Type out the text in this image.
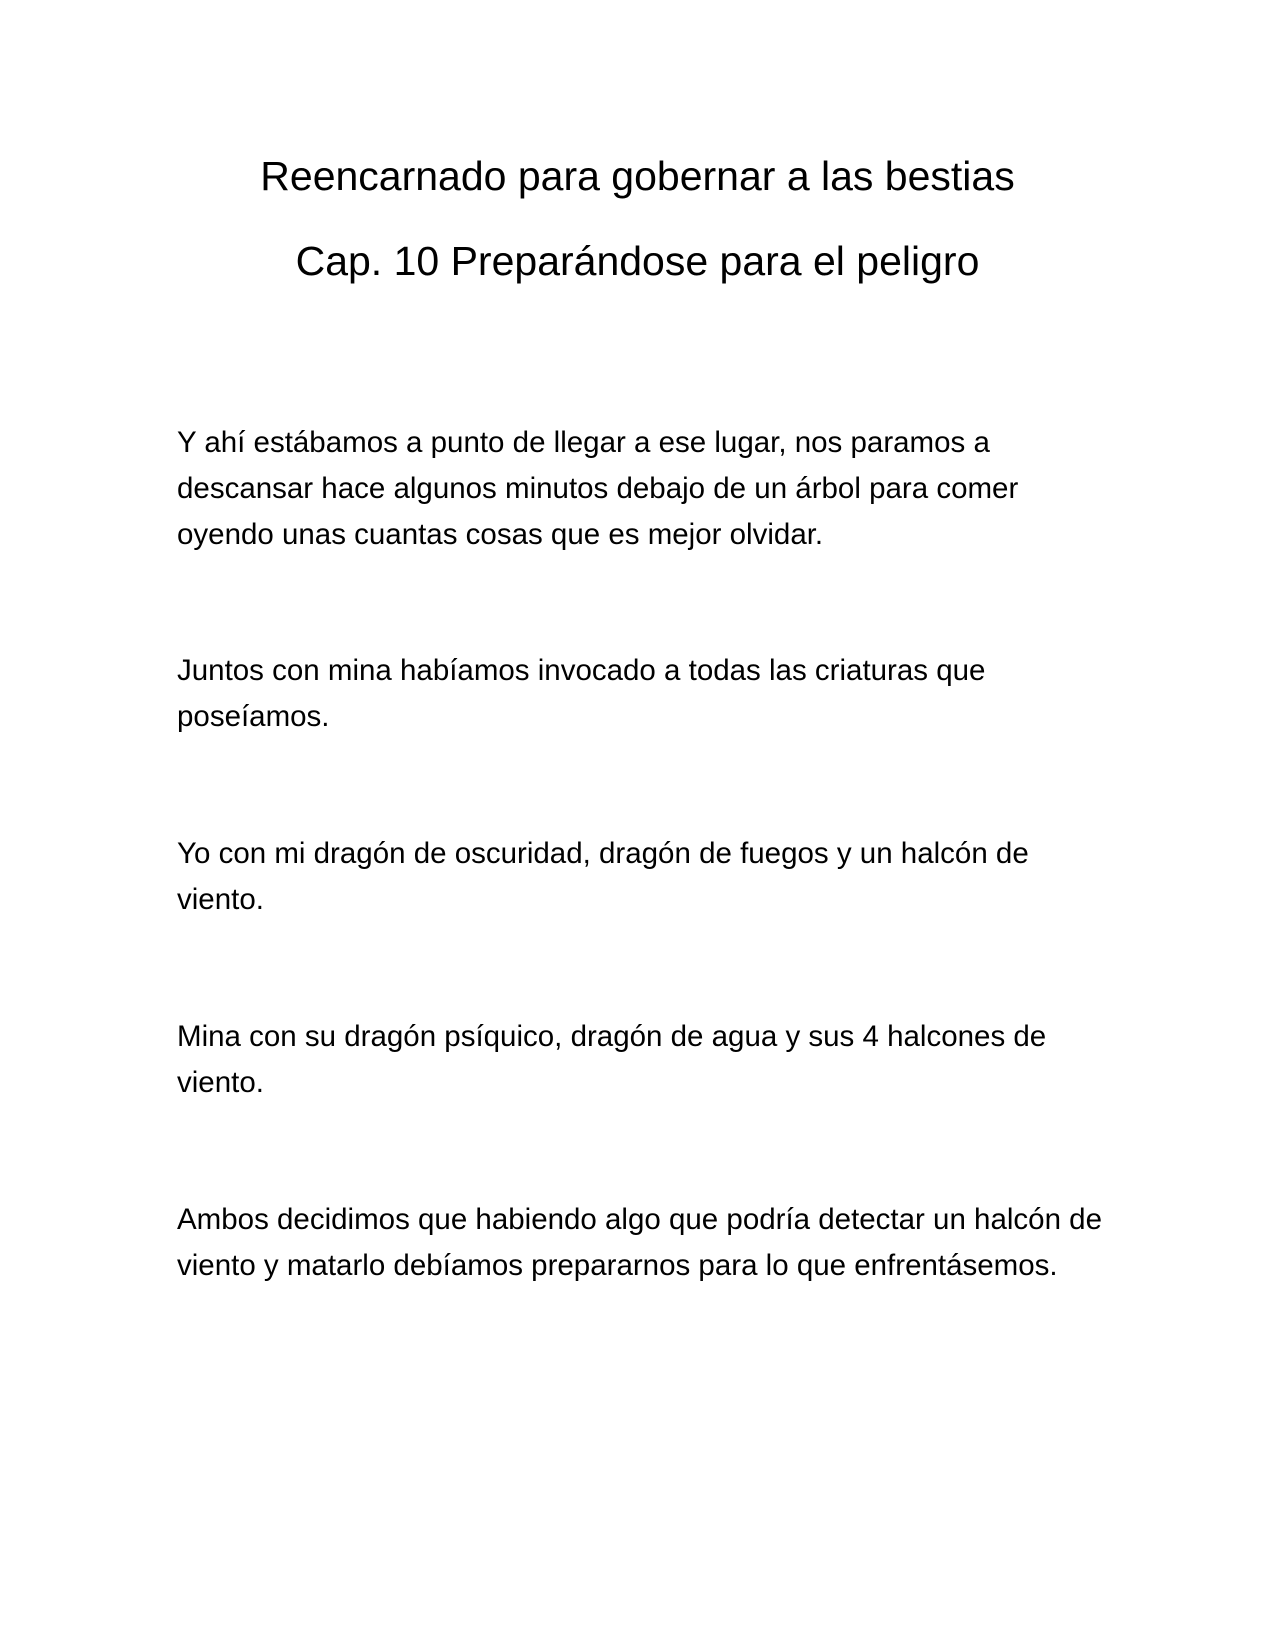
Reencarnado para gobernar a las bestias
Cap. 10 Preparándose para el peligro

Y ahí estábamos a punto de llegar a ese lugar, nos paramos a descansar hace algunos minutos debajo de un árbol para comer oyendo unas cuantas cosas que es mejor olvidar.

Juntos con mina habíamos invocado a todas las criaturas que poseíamos.

Yo con mi dragón de oscuridad, dragón de fuegos y un halcón de viento.

Mina con su dragón psíquico, dragón de agua y sus 4 halcones de viento.

Ambos decidimos que habiendo algo que podría detectar un halcón de viento y matarlo debíamos prepararnos para lo que enfrentásemos.
